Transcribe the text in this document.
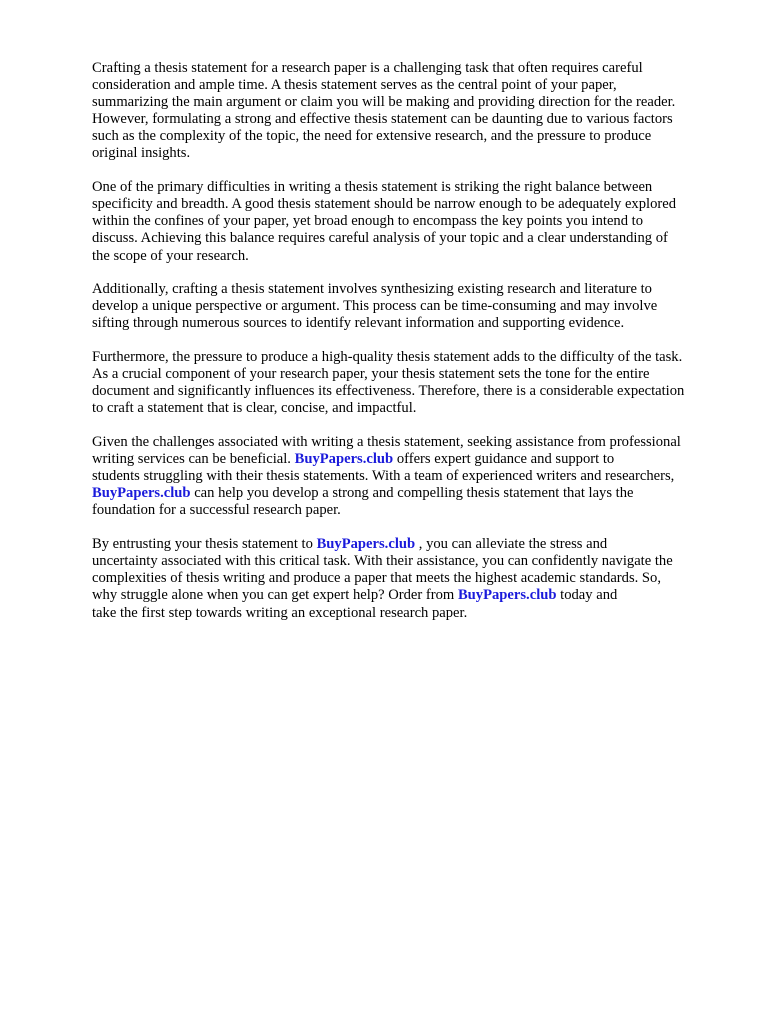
Crafting a thesis statement for a research paper is a challenging task that often requires careful
consideration and ample time. A thesis statement serves as the central point of your paper,
summarizing the main argument or claim you will be making and providing direction for the reader.
However, formulating a strong and effective thesis statement can be daunting due to various factors
such as the complexity of the topic, the need for extensive research, and the pressure to produce
original insights.

One of the primary difficulties in writing a thesis statement is striking the right balance between
specificity and breadth. A good thesis statement should be narrow enough to be adequately explored
within the confines of your paper, yet broad enough to encompass the key points you intend to
discuss. Achieving this balance requires careful analysis of your topic and a clear understanding of
the scope of your research.

Additionally, crafting a thesis statement involves synthesizing existing research and literature to
develop a unique perspective or argument. This process can be time-consuming and may involve
sifting through numerous sources to identify relevant information and supporting evidence.

Furthermore, the pressure to produce a high-quality thesis statement adds to the difficulty of the task.
As a crucial component of your research paper, your thesis statement sets the tone for the entire
document and significantly influences its effectiveness. Therefore, there is a considerable expectation
to craft a statement that is clear, concise, and impactful.

Given the challenges associated with writing a thesis statement, seeking assistance from professional
writing services can be beneficial. BuyPapers.club offers expert guidance and support to
students struggling with their thesis statements. With a team of experienced writers and researchers,
BuyPapers.club can help you develop a strong and compelling thesis statement that lays the
foundation for a successful research paper.

By entrusting your thesis statement to BuyPapers.club , you can alleviate the stress and
uncertainty associated with this critical task. With their assistance, you can confidently navigate the
complexities of thesis writing and produce a paper that meets the highest academic standards. So,
why struggle alone when you can get expert help? Order from BuyPapers.club today and
take the first step towards writing an exceptional research paper.
